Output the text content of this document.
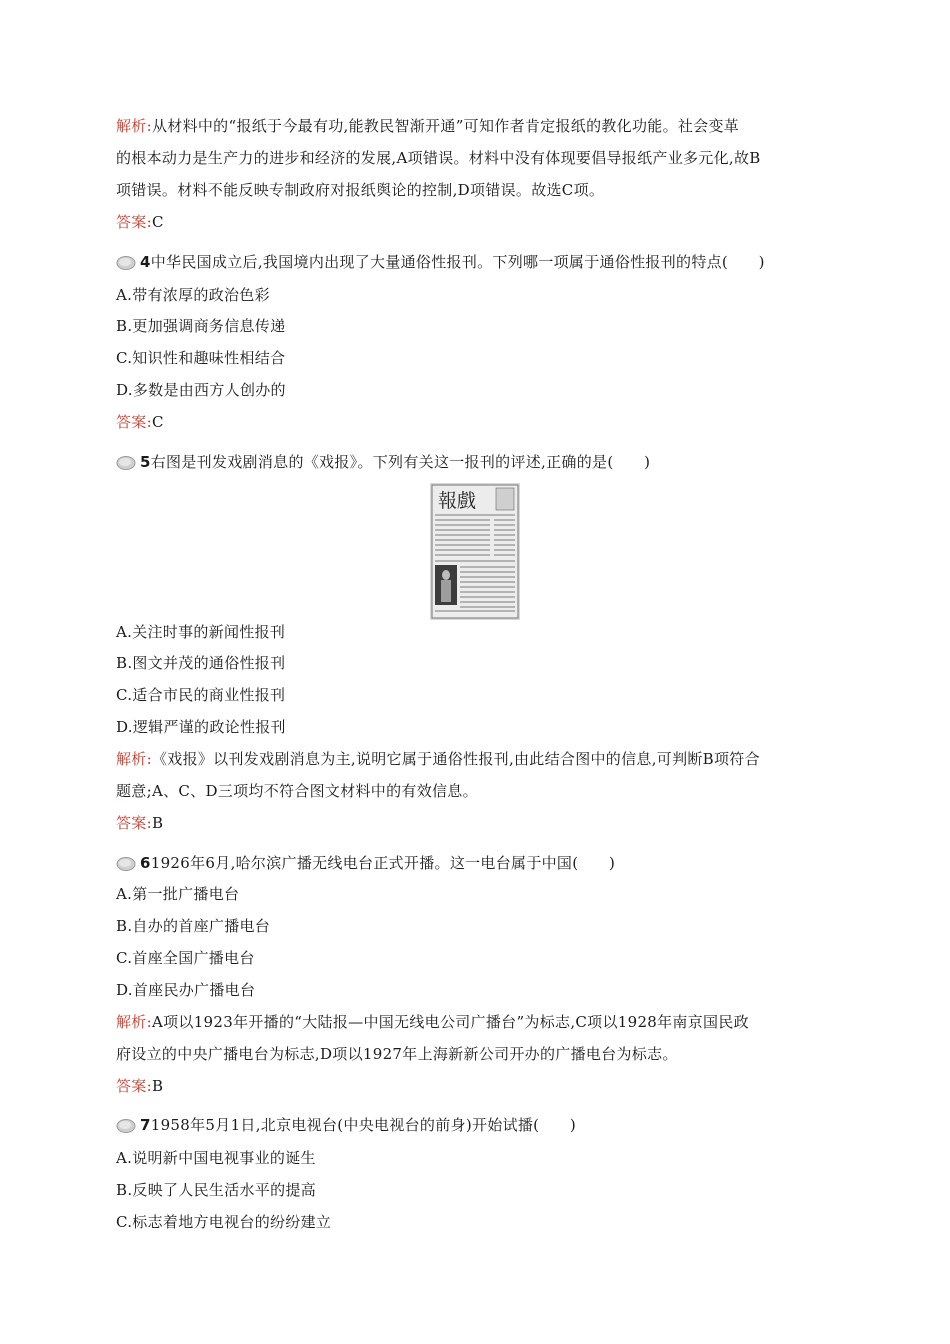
解析:从材料中的“报纸于今最有功,能教民智渐开通”可知作者肯定报纸的教化功能。社会变革
的根本动力是生产力的进步和经济的发展,A项错误。材料中没有体现要倡导报纸产业多元化,故B
项错误。材料不能反映专制政府对报纸舆论的控制,D项错误。故选C项。
答案:C
4中华民国成立后,我国境内出现了大量通俗性报刊。下列哪一项属于通俗性报刊的特点(　　)
A.带有浓厚的政治色彩
B.更加强调商务信息传递
C.知识性和趣味性相结合
D.多数是由西方人创办的
答案:C
5右图是刊发戏剧消息的《戏报》。下列有关这一报刊的评述,正确的是(　　)
報戲
A.关注时事的新闻性报刊
B.图文并茂的通俗性报刊
C.适合市民的商业性报刊
D.逻辑严谨的政论性报刊
解析:《戏报》以刊发戏剧消息为主,说明它属于通俗性报刊,由此结合图中的信息,可判断B项符合
题意;A、C、D三项均不符合图文材料中的有效信息。
答案:B
61926年6月,哈尔滨广播无线电台正式开播。这一电台属于中国(　　)
A.第一批广播电台
B.自办的首座广播电台
C.首座全国广播电台
D.首座民办广播电台
解析:A项以1923年开播的“大陆报—中国无线电公司广播台”为标志,C项以1928年南京国民政
府设立的中央广播电台为标志,D项以1927年上海新新公司开办的广播电台为标志。
答案:B
71958年5月1日,北京电视台(中央电视台的前身)开始试播(　　)
A.说明新中国电视事业的诞生
B.反映了人民生活水平的提高
C.标志着地方电视台的纷纷建立
